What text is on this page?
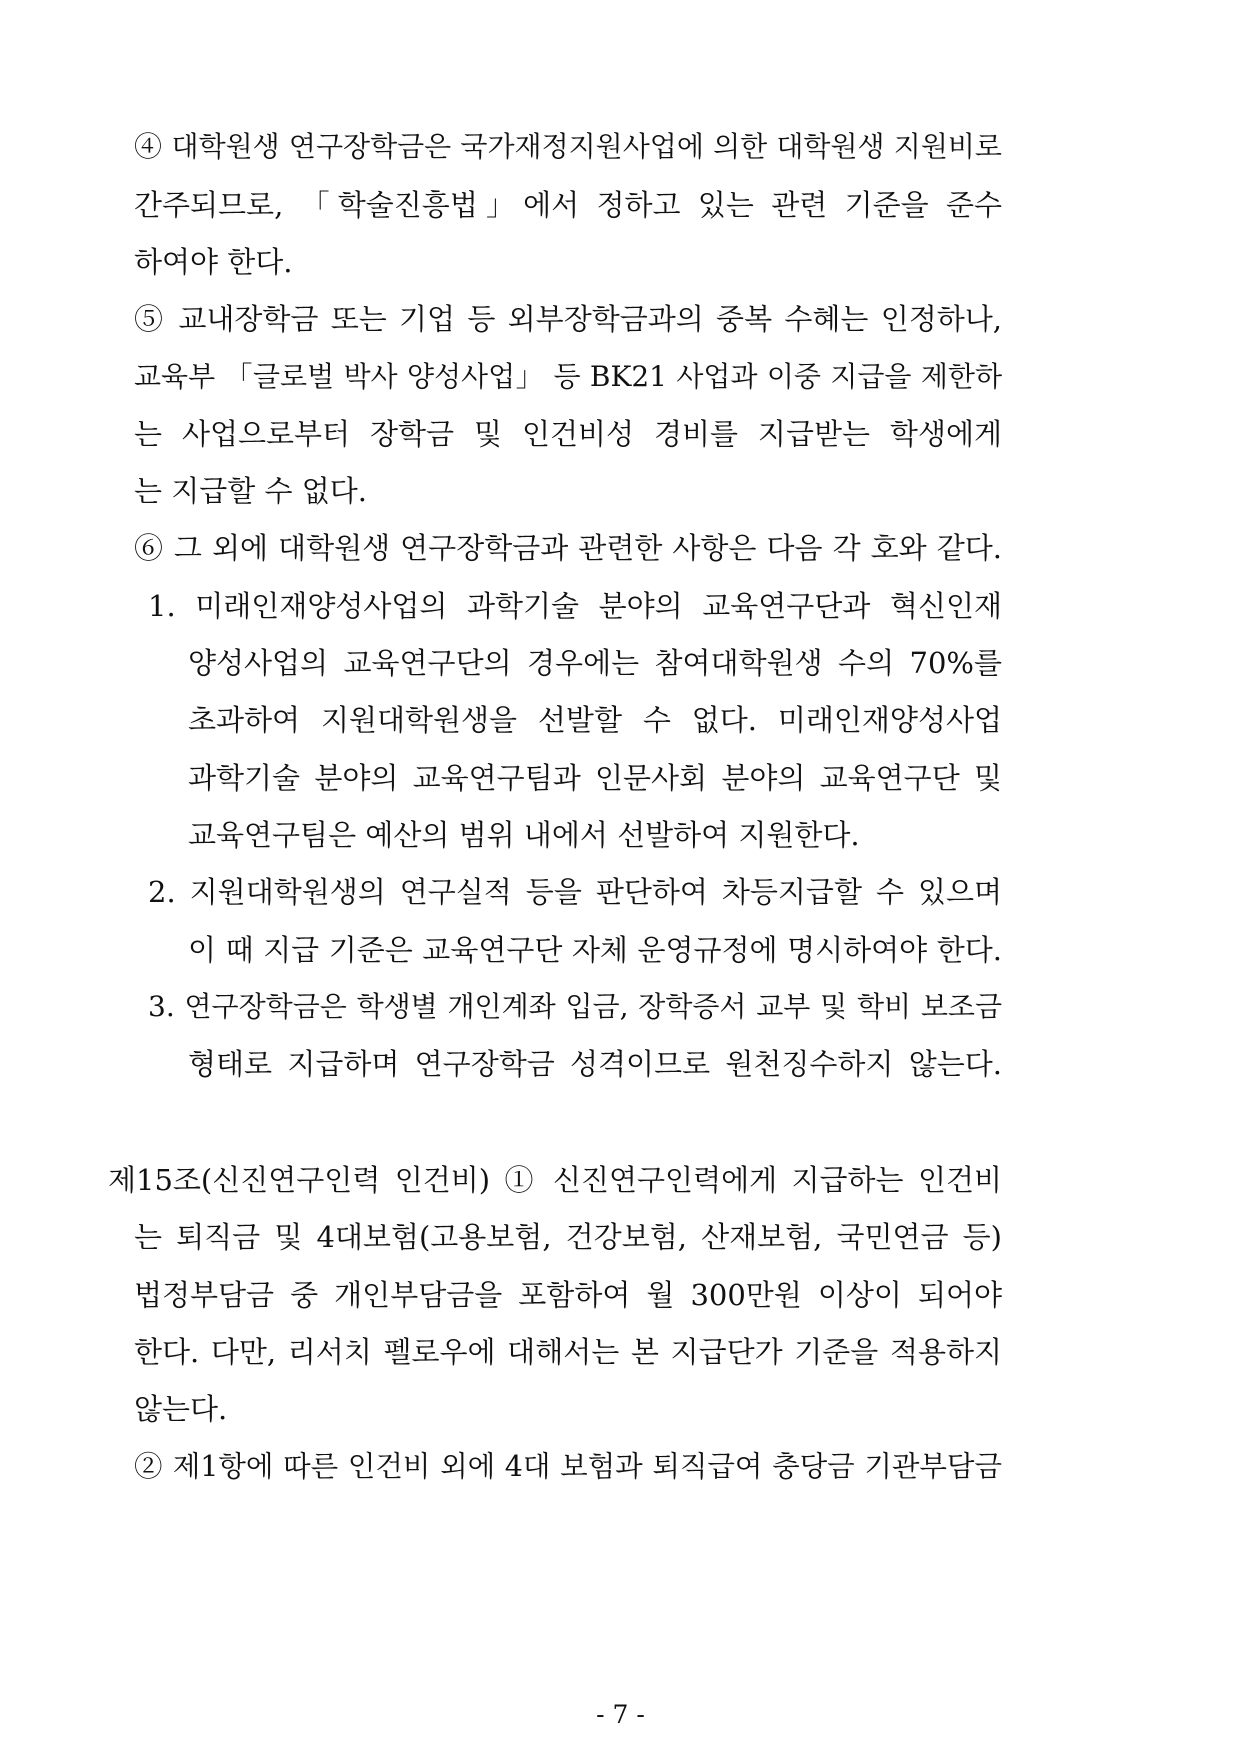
④ 대학원생 연구장학금은 국가재정지원사업에 의한 대학원생 지원비로
간주되므로, 「학술진흥법」에서 정하고 있는 관련 기준을 준수
하여야 한다.
⑤ 교내장학금 또는 기업 등 외부장학금과의 중복 수혜는 인정하나,
교육부 「글로벌 박사 양성사업」 등 BK21 사업과 이중 지급을 제한하
는 사업으로부터 장학금 및 인건비성 경비를 지급받는 학생에게
는 지급할 수 없다.
⑥ 그 외에 대학원생 연구장학금과 관련한 사항은 다음 각 호와 같다.
1. 미래인재양성사업의 과학기술 분야의 교육연구단과 혁신인재
양성사업의 교육연구단의 경우에는 참여대학원생 수의 70%를
초과하여 지원대학원생을 선발할 수 없다. 미래인재양성사업
과학기술 분야의 교육연구팀과 인문사회 분야의 교육연구단 및
교육연구팀은 예산의 범위 내에서 선발하여 지원한다.
2. 지원대학원생의 연구실적 등을 판단하여 차등지급할 수 있으며
이 때 지급 기준은 교육연구단 자체 운영규정에 명시하여야 한다.
3. 연구장학금은 학생별 개인계좌 입금, 장학증서 교부 및 학비 보조금
형태로 지급하며 연구장학금 성격이므로 원천징수하지 않는다.
제15조(신진연구인력 인건비) ① 신진연구인력에게 지급하는 인건비
는 퇴직금 및 4대보험(고용보험, 건강보험, 산재보험, 국민연금 등)
법정부담금 중 개인부담금을 포함하여 월 300만원 이상이 되어야
한다. 다만, 리서치 펠로우에 대해서는 본 지급단가 기준을 적용하지
않는다.
② 제1항에 따른 인건비 외에 4대 보험과 퇴직급여 충당금 기관부담금
- 7 -
